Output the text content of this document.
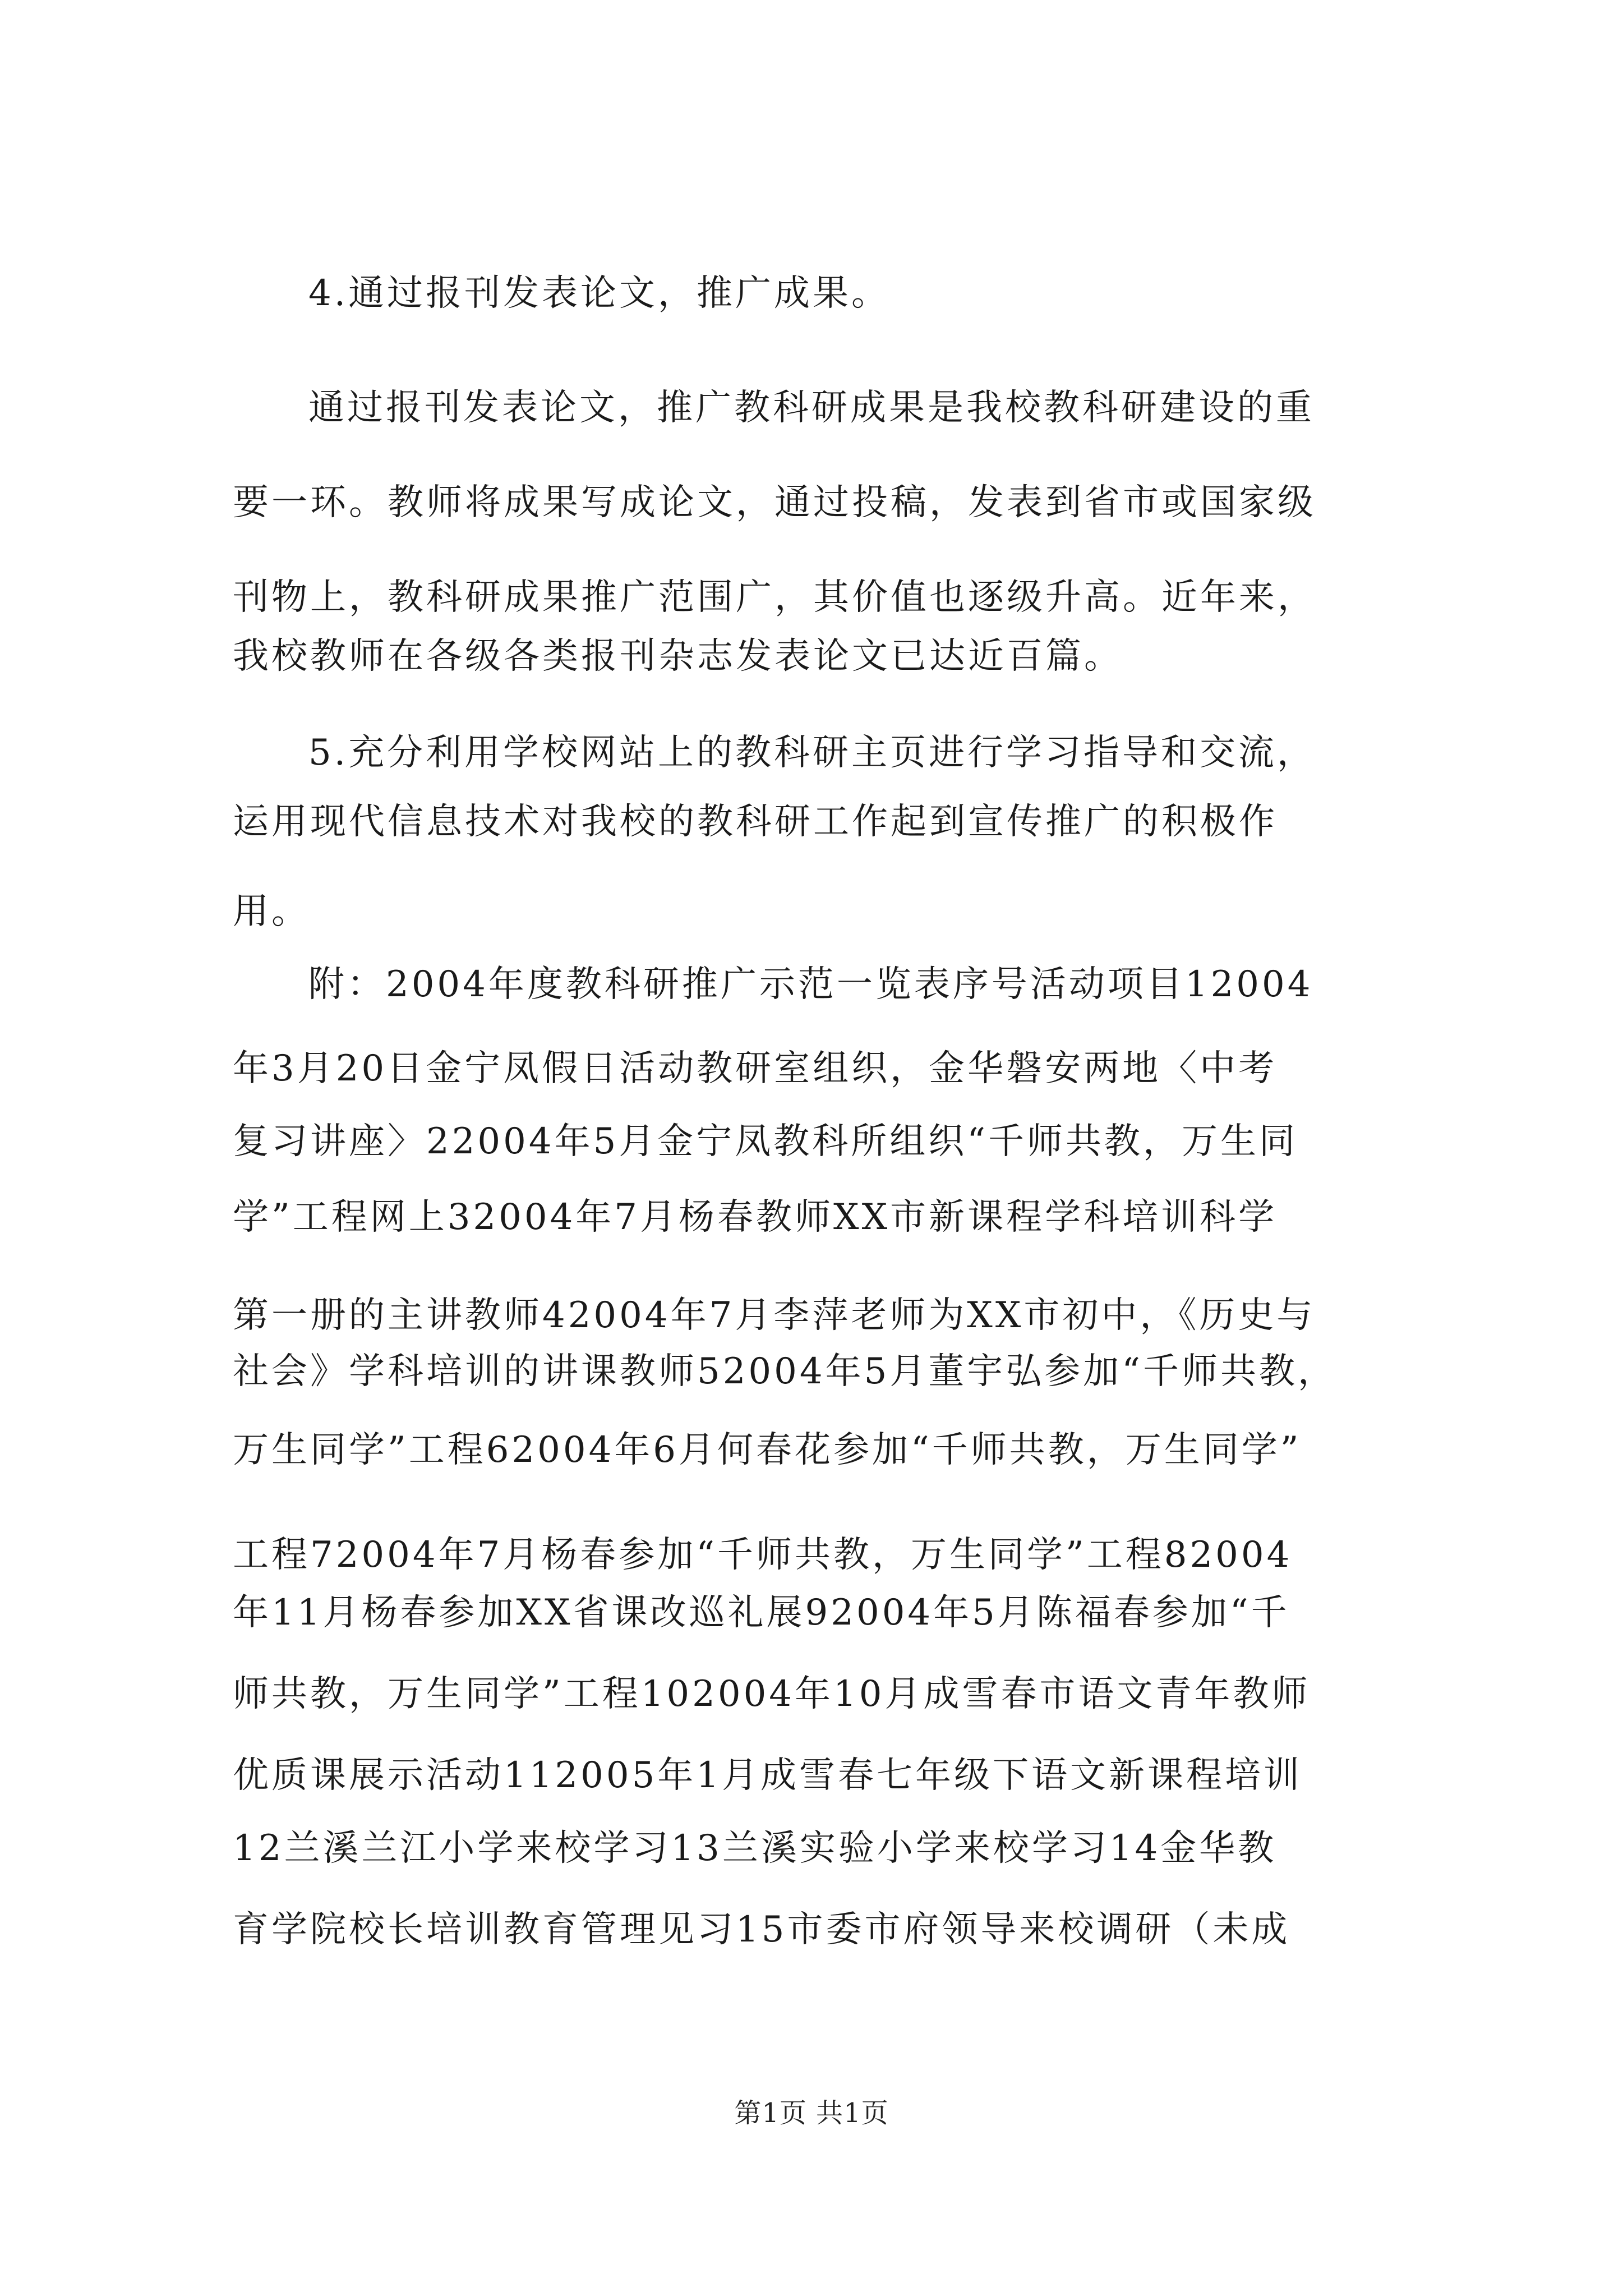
4.通过报刊发表论文，推广成果。
通过报刊发表论文，推广教科研成果是我校教科研建设的重
要一环。教师将成果写成论文，通过投稿，发表到省市或国家级
刊物上，教科研成果推广范围广，其价值也逐级升高。近年来，
我校教师在各级各类报刊杂志发表论文已达近百篇。
5.充分利用学校网站上的教科研主页进行学习指导和交流，
运用现代信息技术对我校的教科研工作起到宣传推广的积极作
用。
附：2004年度教科研推广示范一览表序号活动项目12004
年3月20日金宁凤假日活动教研室组织，金华磐安两地〈中考
复习讲座〉22004年5月金宁凤教科所组织“千师共教，万生同
学”工程网上32004年7月杨春教师XX市新课程学科培训科学
第一册的主讲教师42004年7月李萍老师为XX市初中，《历史与
社会》学科培训的讲课教师52004年5月董宇弘参加“千师共教，
万生同学”工程62004年6月何春花参加“千师共教，万生同学”
工程72004年7月杨春参加“千师共教，万生同学”工程82004
年11月杨春参加XX省课改巡礼展92004年5月陈福春参加“千
师共教，万生同学”工程102004年10月成雪春市语文青年教师
优质课展示活动112005年1月成雪春七年级下语文新课程培训
12兰溪兰江小学来校学习13兰溪实验小学来校学习14金华教
育学院校长培训教育管理见习15市委市府领导来校调研（未成
第1页 共1页
